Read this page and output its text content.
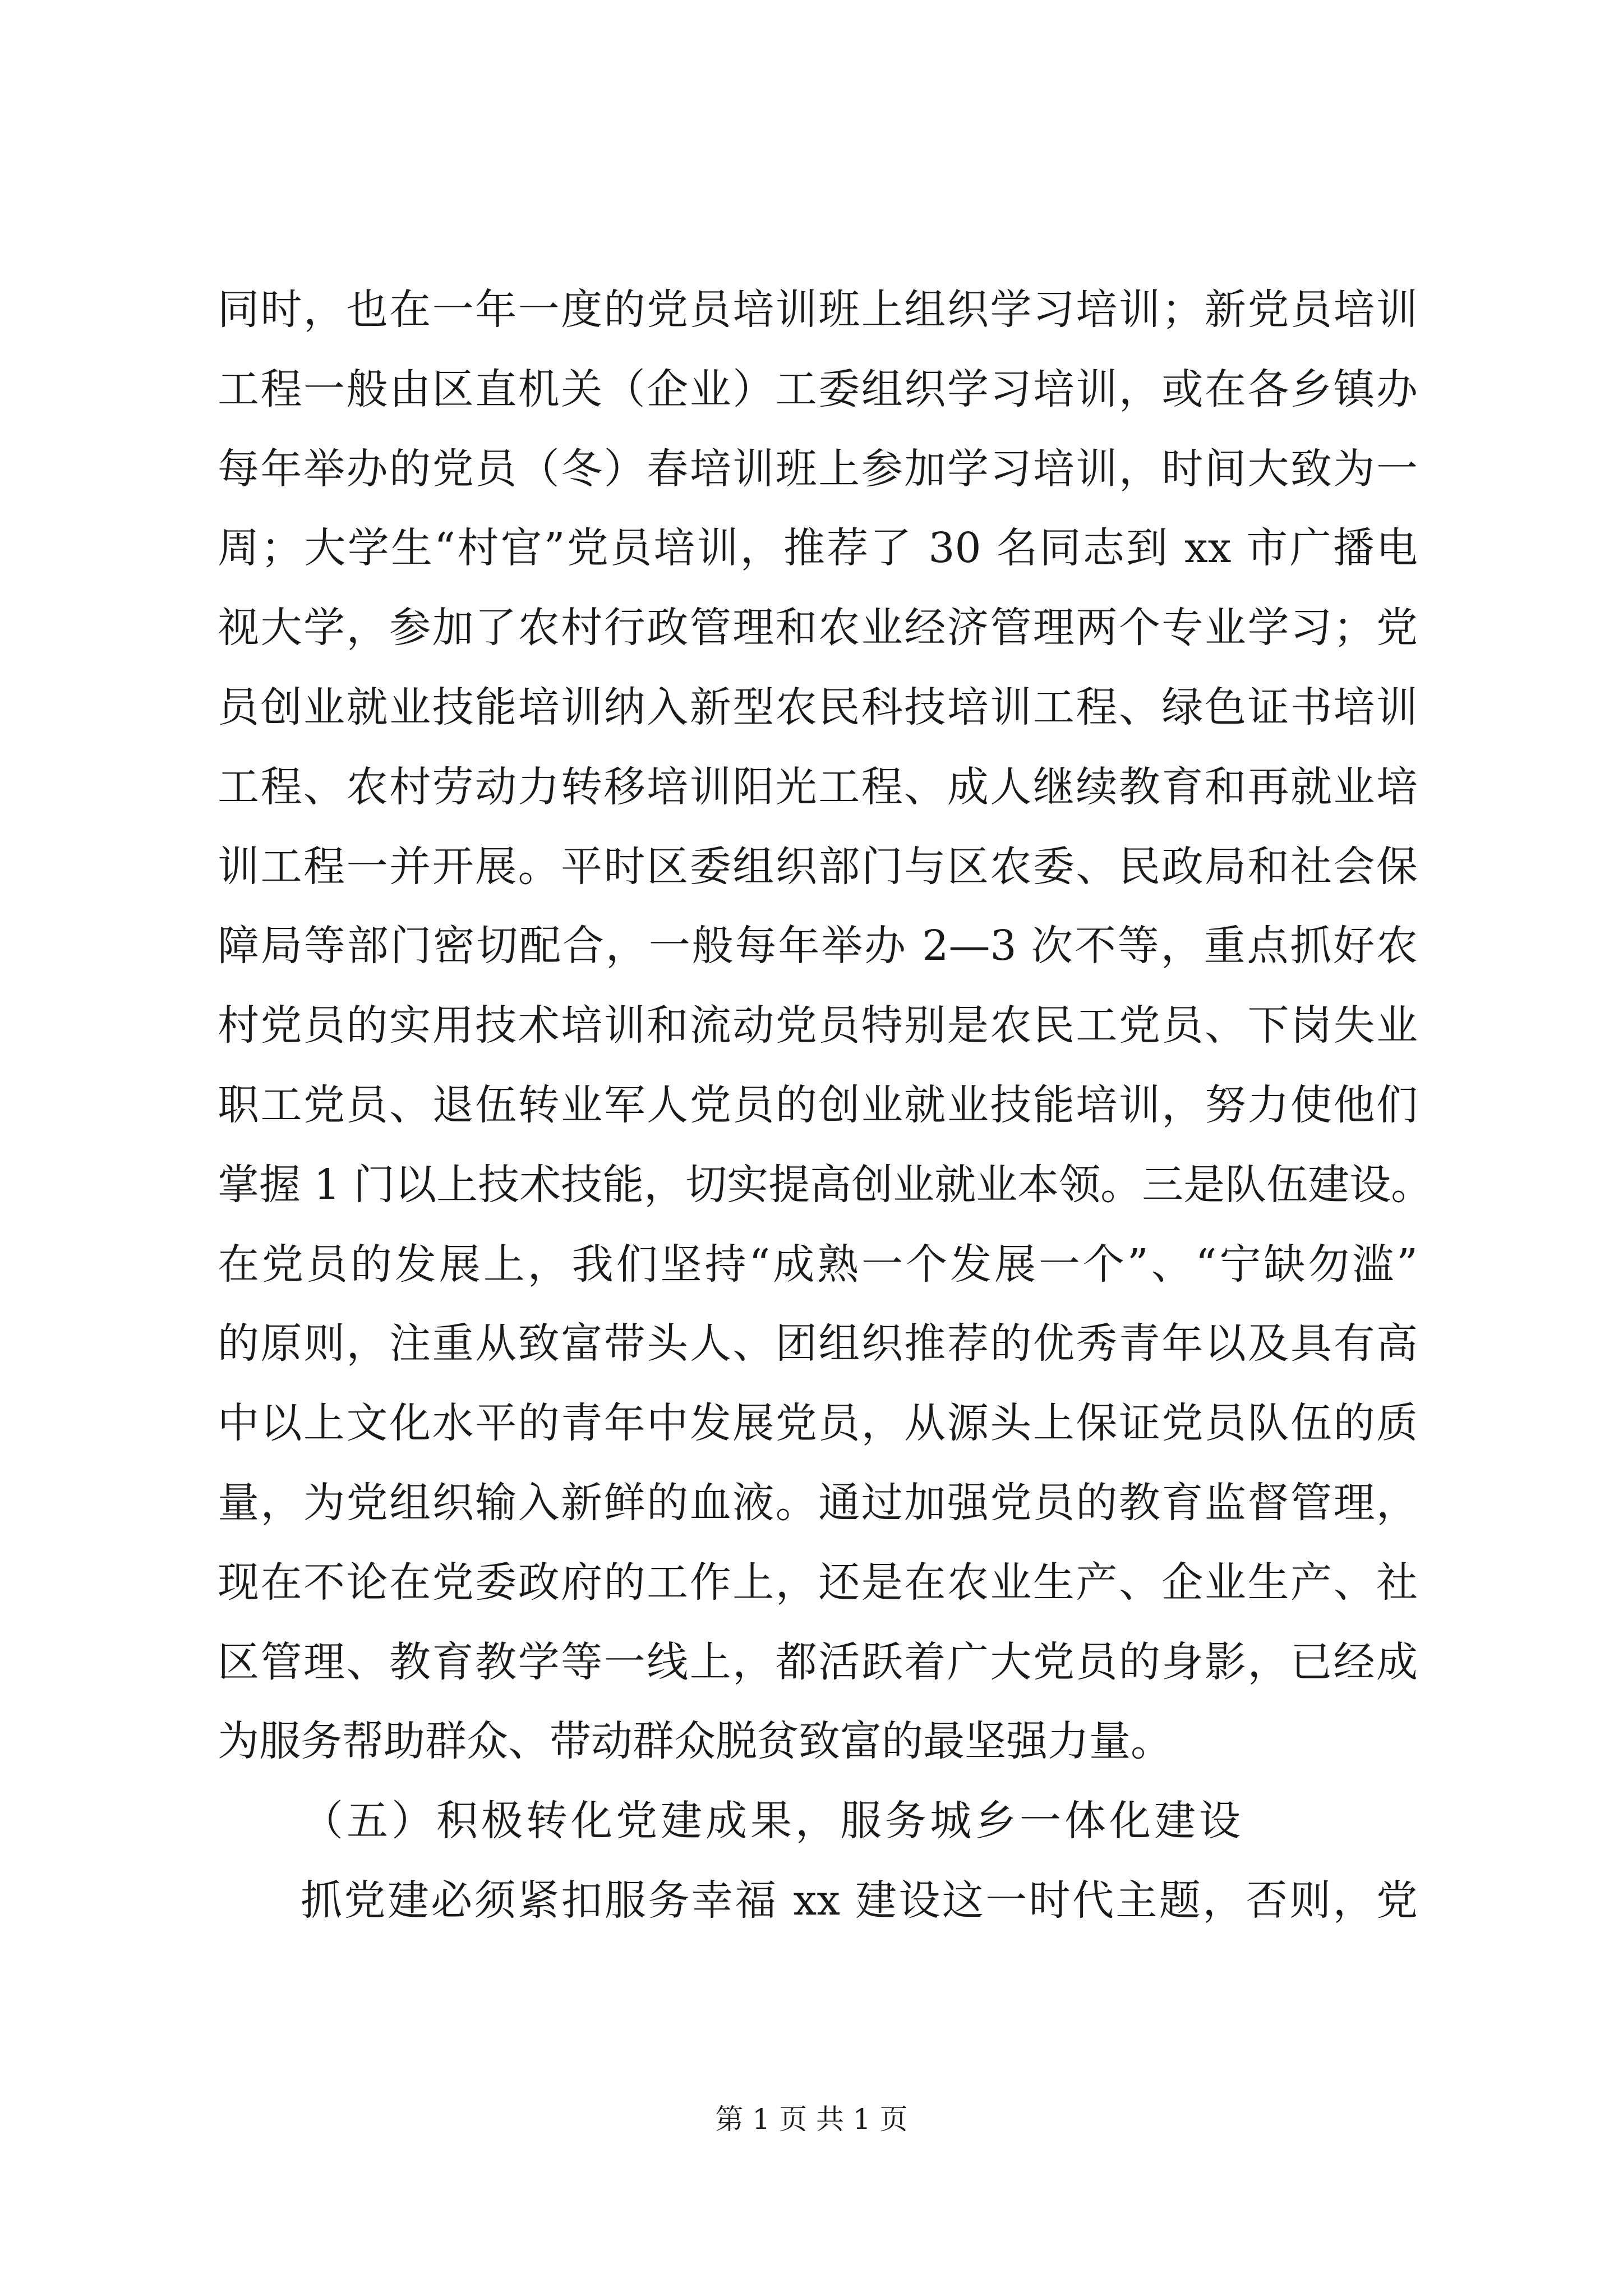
同时，也在一年一度的党员培训班上组织学习培训；新党员培训
工程一般由区直机关（企业）工委组织学习培训，或在各乡镇办
每年举办的党员（冬）春培训班上参加学习培训，时间大致为一
周；大学生“村官”党员培训，推荐了 30 名同志到 xx 市广播电
视大学，参加了农村行政管理和农业经济管理两个专业学习；党
员创业就业技能培训纳入新型农民科技培训工程、绿色证书培训
工程、农村劳动力转移培训阳光工程、成人继续教育和再就业培
训工程一并开展。平时区委组织部门与区农委、民政局和社会保
障局等部门密切配合，一般每年举办 2—3 次不等，重点抓好农
村党员的实用技术培训和流动党员特别是农民工党员、下岗失业
职工党员、退伍转业军人党员的创业就业技能培训，努力使他们
掌握 1 门以上技术技能，切实提高创业就业本领。三是队伍建设。
在党员的发展上，我们坚持“成熟一个发展一个”、“宁缺勿滥”
的原则，注重从致富带头人、团组织推荐的优秀青年以及具有高
中以上文化水平的青年中发展党员，从源头上保证党员队伍的质
量，为党组织输入新鲜的血液。通过加强党员的教育监督管理，
现在不论在党委政府的工作上，还是在农业生产、企业生产、社
区管理、教育教学等一线上，都活跃着广大党员的身影，已经成
为服务帮助群众、带动群众脱贫致富的最坚强力量。
（五）积极转化党建成果，服务城乡一体化建设
抓党建必须紧扣服务幸福 xx 建设这一时代主题，否则，党
第 1 页 共 1 页
